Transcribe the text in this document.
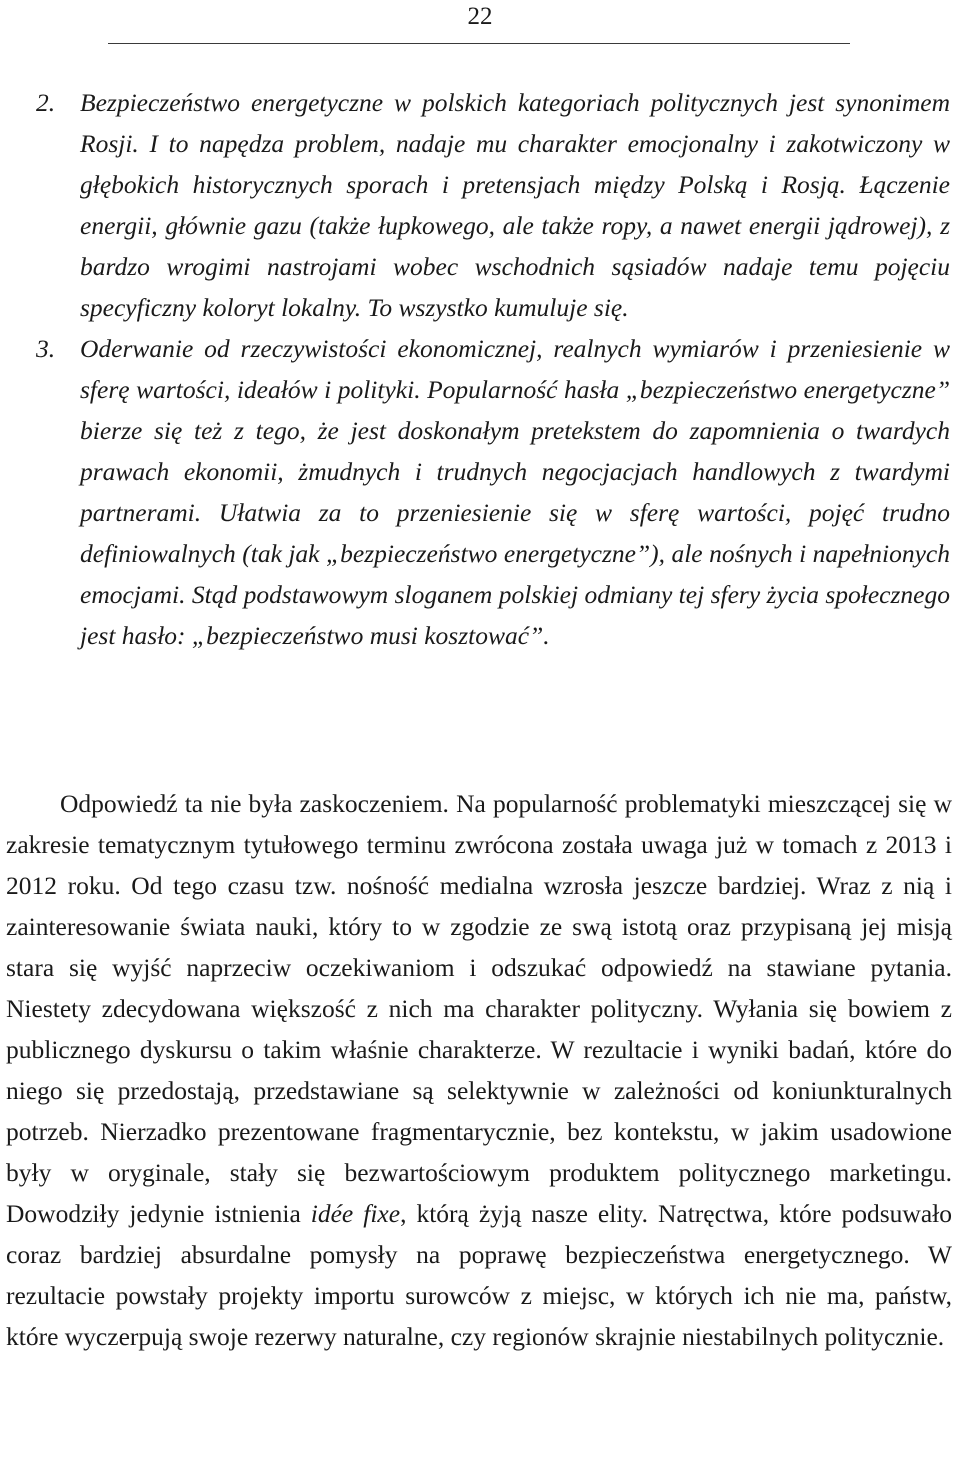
22
2. Bezpieczeństwo energetyczne w polskich kategoriach politycznych jest synonimem Rosji. I to napędza problem, nadaje mu charakter emocjonalny i zakotwiczony w głębokich historycznych sporach i pretensjach między Polską i Rosją. Łączenie energii, głównie gazu (także łupkowego, ale także ropy, a nawet energii jądrowej), z bardzo wrogimi nastrojami wobec wschodnich sąsiadów nadaje temu pojęciu specyficzny koloryt lokalny. To wszystko kumuluje się.
3. Oderwanie od rzeczywistości ekonomicznej, realnych wymiarów i przeniesienie w sferę wartości, ideałów i polityki. Popularność hasła „bezpieczeństwo energetyczne” bierze się też z tego, że jest doskonałym pretekstem do zapomnienia o twardych prawach ekonomii, żmudnych i trudnych negocjacjach handlowych z twardymi partnerami. Ułatwia za to przeniesienie się w sferę wartości, pojęć trudno definiowalnych (tak jak „bezpieczeństwo energetyczne”), ale nośnych i napełnionych emocjami. Stąd podstawowym sloganem polskiej odmiany tej sfery życia społecznego jest hasło: „bezpieczeństwo musi kosztować”.

Odpowiedź ta nie była zaskoczeniem. Na popularność problematyki mieszczącej się w zakresie tematycznym tytułowego terminu zwrócona została uwaga już w tomach z 2013 i 2012 roku. Od tego czasu tzw. nośność medialna wzrosła jeszcze bardziej. Wraz z nią i zainteresowanie świata nauki, który to w zgodzie ze swą istotą oraz przypisaną jej misją stara się wyjść naprzeciw oczekiwaniom i odszukać odpowiedź na stawiane pytania. Niestety zdecydowana większość z nich ma charakter polityczny. Wyłania się bowiem z publicznego dyskursu o takim właśnie charakterze. W rezultacie i wyniki badań, które do niego się przedostają, przedstawiane są selektywnie w zależności od koniunkturalnych potrzeb. Nierzadko prezentowane fragmentarycznie, bez kontekstu, w jakim usadowione były w oryginale, stały się bezwartościowym produktem politycznego marketingu. Dowodziły jedynie istnienia idée fixe, którą żyją nasze elity. Natręctwa, które podsuwało coraz bardziej absurdalne pomysły na poprawę bezpieczeństwa energetycznego. W rezultacie powstały projekty importu surowców z miejsc, w których ich nie ma, państw, które wyczerpują swoje rezerwy naturalne, czy regionów skrajnie niestabilnych politycznie.
